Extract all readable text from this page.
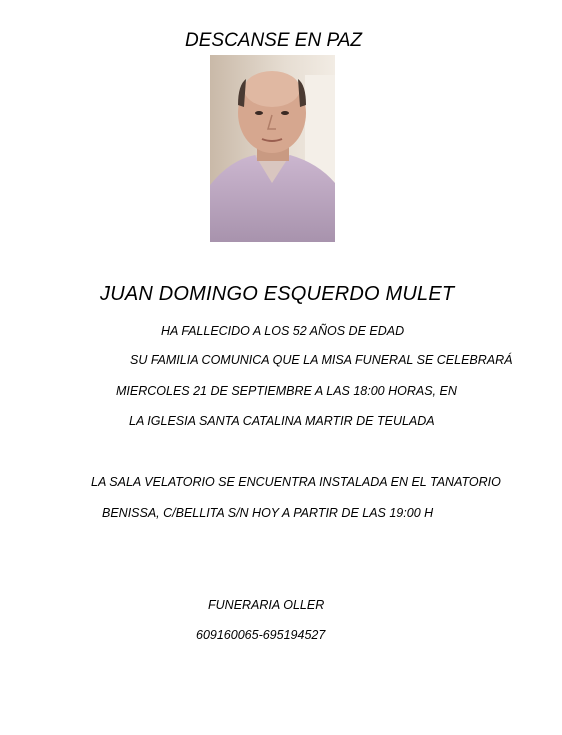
DESCANSE EN PAZ

JUAN DOMINGO ESQUERDO MULET

HA FALLECIDO A LOS 52 AÑOS DE EDAD

SU FAMILIA COMUNICA QUE LA MISA FUNERAL SE CELEBRARÁ

MIERCOLES 21 DE SEPTIEMBRE A LAS 18:00 HORAS, EN

LA IGLESIA SANTA CATALINA MARTIR DE TEULADA

LA SALA VELATORIO SE ENCUENTRA INSTALADA EN EL TANATORIO

BENISSA, C/BELLITA S/N HOY A PARTIR DE LAS 19:00 H

FUNERARIA OLLER

609160065-695194527
